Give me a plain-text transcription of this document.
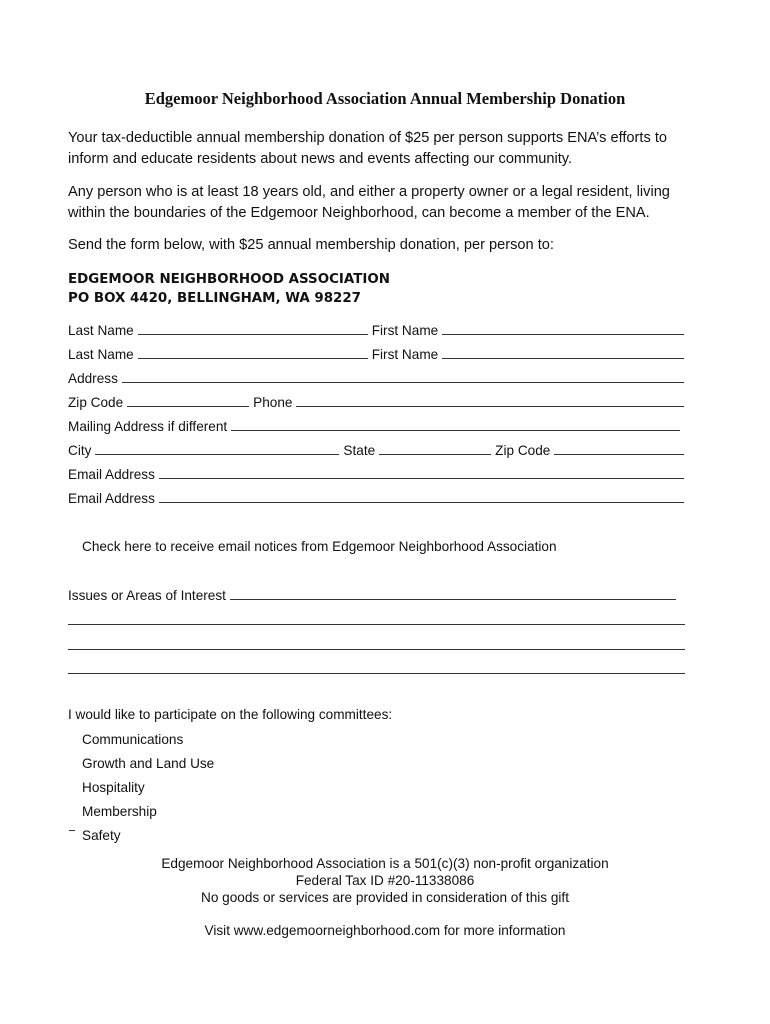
Edgemoor Neighborhood Association Annual Membership Donation

Your tax-deductible annual membership donation of $25 per person supports ENA’s efforts to inform and educate residents about news and events affecting our community.

Any person who is at least 18 years old, and either a property owner or a legal resident, living within the boundaries of the Edgemoor Neighborhood, can become a member of the ENA.

Send the form below, with $25 annual membership donation, per person to:

EDGEMOOR NEIGHBORHOOD ASSOCIATION
PO BOX 4420, BELLINGHAM, WA 98227
Last Name	First Name
Last Name	First Name
Address
Zip Code	Phone
Mailing Address if different
City	State	Zip Code
Email Address
Email Address
Check here to receive email notices from Edgemoor Neighborhood Association
Issues or Areas of Interest
I would like to participate on the following committees:
Communications
Growth and Land Use
Hospitality
Membership
Safety
Edgemoor Neighborhood Association is a 501(c)(3) non-profit organization
Federal Tax ID #20-11338086
No goods or services are provided in consideration of this gift
Visit www.edgemoorneighborhood.com for more information
